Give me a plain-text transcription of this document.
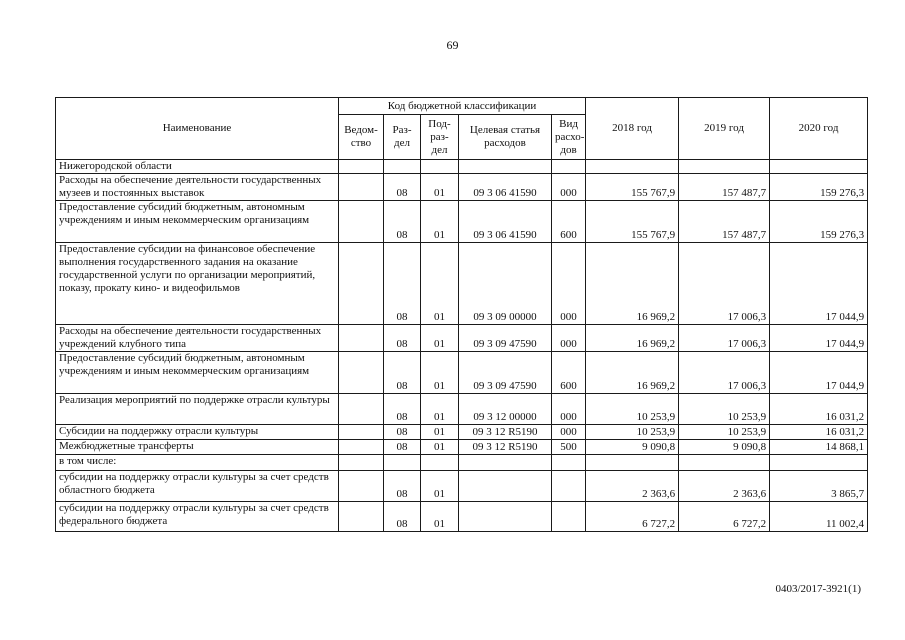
69
Наименование	Код бюджетной классификации					2018 год	2019 год	2020 год
	Ведом-ство	Раз-дел	Под-раз-дел	Целевая статья расходов	Вид расхо-дов			
Нижегородской области								
Расходы на обеспечение деятельности государственных музеев и постоянных выставок		08	01	09 3 06 41590	000	155 767,9	157 487,7	159 276,3
Предоставление субсидий бюджетным, автономным учреждениям и иным некоммерческим организациям		08	01	09 3 06 41590	600	155 767,9	157 487,7	159 276,3
Предоставление субсидии на финансовое обеспечение выполнения государственного задания на оказание государственной услуги по организации мероприятий, показу, прокату кино- и видеофильмов		08	01	09 3 09 00000	000	16 969,2	17 006,3	17 044,9
Расходы на обеспечение деятельности государственных учреждений клубного типа		08	01	09 3 09 47590	000	16 969,2	17 006,3	17 044,9
Предоставление субсидий бюджетным, автономным учреждениям и иным некоммерческим организациям		08	01	09 3 09 47590	600	16 969,2	17 006,3	17 044,9
Реализация мероприятий по поддержке отрасли культуры		08	01	09 3 12 00000	000	10 253,9	10 253,9	16 031,2
Субсидии на поддержку отрасли культуры		08	01	09 3 12 R5190	000	10 253,9	10 253,9	16 031,2
Межбюджетные трансферты		08	01	09 3 12 R5190	500	9 090,8	9 090,8	14 868,1
в том числе:								
субсидии на поддержку отрасли культуры за счет средств областного бюджета		08	01			2 363,6	2 363,6	3 865,7
субсидии на поддержку отрасли культуры за счет средств федерального бюджета		08	01			6 727,2	6 727,2	11 002,4
0403/2017-3921(1)
